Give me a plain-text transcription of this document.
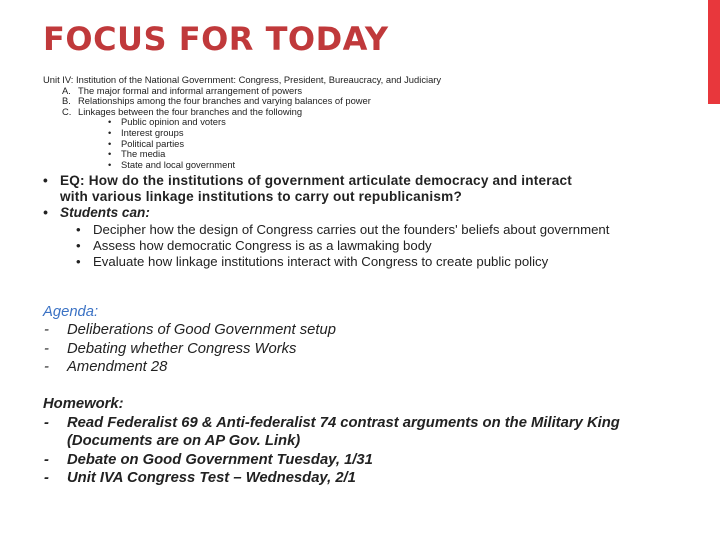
FOCUS FOR TODAY
Unit IV: Institution of the National Government: Congress, President, Bureaucracy, and Judiciary
A. The major formal and informal arrangement of powers
B. Relationships among the four branches and varying balances of power
C. Linkages between the four branches and the following
• Public opinion and voters
• Interest groups
• Political parties
• The media
• State and local government
• EQ: How do the institutions of government articulate democracy and interact
with various linkage institutions to carry out republicanism?
• Students can:
• Decipher how the design of Congress carries out the founders' beliefs about government
• Assess how democratic Congress is as a lawmaking body
• Evaluate how linkage institutions interact with Congress to create public policy
Agenda:
- Deliberations of Good Government setup
- Debating whether Congress Works
- Amendment 28
Homework:
- Read Federalist 69 & Anti-federalist 74 contrast arguments on the Military King (Documents are on AP Gov. Link)
- Debate on Good Government Tuesday, 1/31
- Unit IVA Congress Test – Wednesday, 2/1
